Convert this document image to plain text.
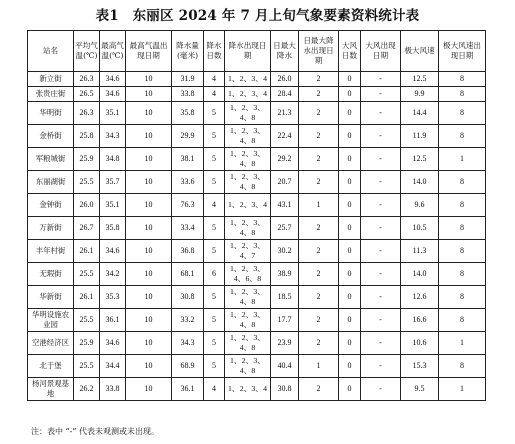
表1　东丽区 2024 年 7 月上旬气象要素资料统计表
站名	平均气温(℃)	最高气温(℃)	最高气温出现日期	降水量(毫米)	降水日数	降水出现日期	日最大降水	日最大降水出现日期	大风日数	大风出现日期	极大风速	极大风速出现日期
新立街	26.3	34.6	10	31.9	4	1、2、3、4	26.0	2	0	-	12.5	8
张贵庄街	26.5	34.6	10	33.8	4	1、2、3、4	28.4	2	0	-	9.9	8
华明街	26.3	35.1	10	35.8	5	1、2、3、4、8	21.3	2	0	-	14.4	8
金桥街	25.8	34.3	10	29.9	5	1、2、3、4、8	22.4	2	0	-	11.9	8
军粮城街	25.9	34.8	10	38.1	5	1、2、3、4、8	29.2	2	0	-	12.5	1
东丽湖街	25.5	35.7	10	33.6	5	1、2、3、4、8	20.7	2	0	-	14.0	8
金钟街	26.0	35.1	10	76.3	4	1、2、3、4	43.1	1	0	-	9.6	8
万新街	26.7	35.8	10	33.4	5	1、2、3、4、8	25.7	2	0	-	10.5	8
丰年村街	26.1	34.6	10	36.8	5	1、2、3、4、7	30.2	2	0	-	11.3	8
无瑕街	25.5	34.2	10	68.1	6	1、2、3、4、6、8	38.9	2	0	-	14.0	8
华新街	26.1	35.3	10	30.8	5	1、2、3、4、8	18.5	2	0	-	12.6	8
华明设施农业园	25.5	36.1	10	33.2	5	1、2、3、4、8	17.7	2	0	-	16.6	8
空港经济区	25.9	34.6	10	34.3	5	1、2、3、4、8	23.9	2	0	-	10.6	1
北于堡	25.5	34.4	10	68.9	5	1、2、3、4、8	40.4	1	0	-	15.3	8
杨河景观基地	26.2	33.8	10	36.1	4	1、2、3、4	30.8	2	0	-	9.5	1
注：表中 “-” 代表未观测或未出现。
